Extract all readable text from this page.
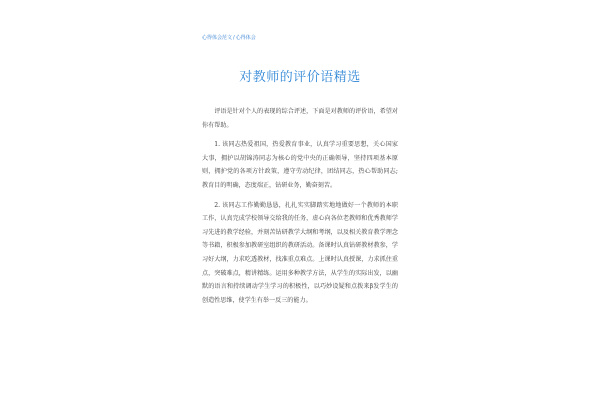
心得体会范文/心得体会
对教师的评价语精选

评语是针对个人的表现的综合评述，下面是对教师的评价语，希望对你有帮助。

1. 该同志热爱祖国，热爱教育事业，认真学习重要思想，关心国家大事，拥护以胡锦涛同志为核心的党中央的正确领导，坚持四项基本原则，拥护党的各项方针政策，遵守劳动纪律，团结同志，热心帮助同志;教育目的明确，态度端正，钻研业务，勤奋刻苦。

2. 该同志工作勤勤恳恳，扎扎实实脚踏实地地做好一个教师的本职工作，认真完成学校领导交给我的任务，虚心向各位老教师和优秀教师学习先进的教学经验，并刻苦钻研教学大纲和考纲，以及相关教育教学理念等书籍，积极参加教研室组织的教研活动。备课时认真钻研教材教参，学习好大纲，力求吃透教材，找准重点难点。上课时认真授课，力求抓住重点，突破难点，精讲精练。运用多种教学方法，从学生的实际出发，以幽默的语言和持续调动学生学习的积极性，以巧妙设疑和点拨来β发学生的创造性思维，使学生有举一反三的能力。
